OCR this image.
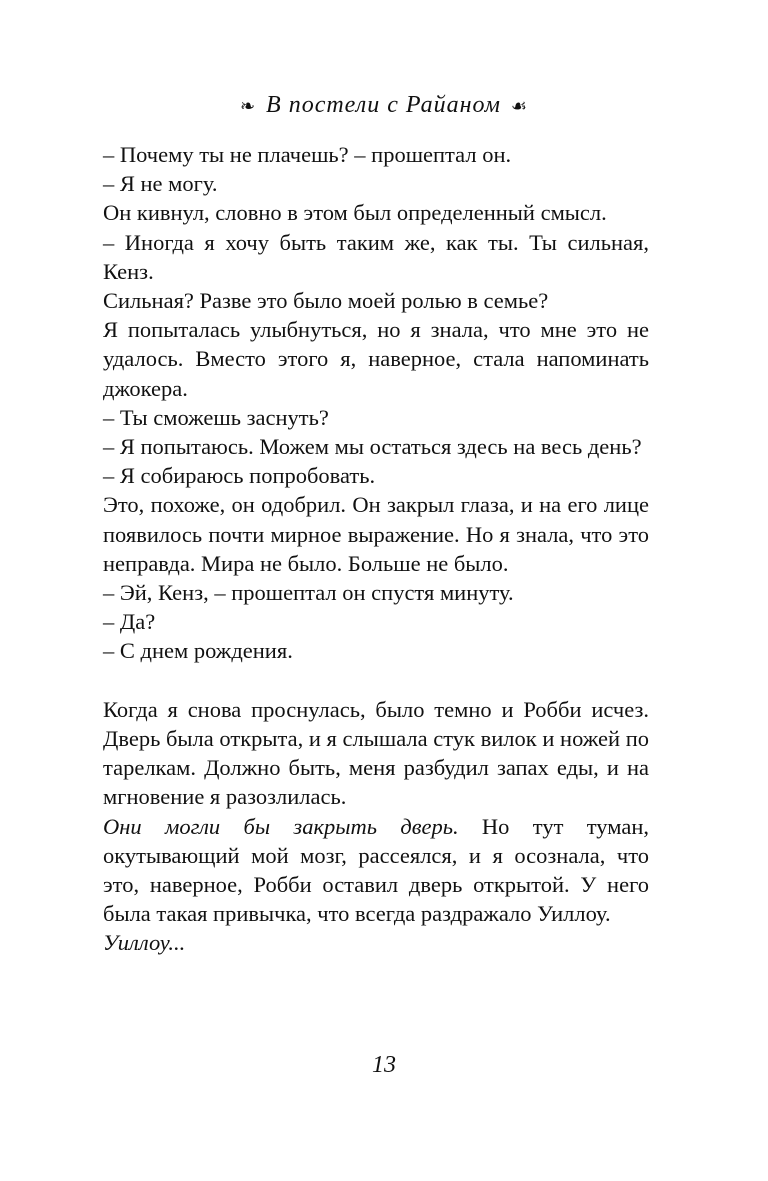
❧ В постели с Райаном ☙

– Почему ты не плачешь? – прошептал он.

– Я не могу.

Он кивнул, словно в этом был определенный смысл.

– Иногда я хочу быть таким же, как ты. Ты сильная, Кенз.

Сильная? Разве это было моей ролью в семье?

Я попыталась улыбнуться, но я знала, что мне это не удалось. Вместо этого я, наверное, стала напоминать джокера.

– Ты сможешь заснуть?

– Я попытаюсь. Можем мы остаться здесь на весь день?

– Я собираюсь попробовать.

Это, похоже, он одобрил. Он закрыл глаза, и на его лице появилось почти мирное выражение. Но я знала, что это неправда. Мира не было. Больше не было.

– Эй, Кенз, – прошептал он спустя минуту.

– Да?

– С днем рождения.

Когда я снова проснулась, было темно и Робби исчез. Дверь была открыта, и я слышала стук вилок и ножей по тарелкам. Должно быть, меня разбудил запах еды, и на мгновение я разозлилась.

Они могли бы закрыть дверь. Но тут туман, окутывающий мой мозг, рассеялся, и я осознала, что это, наверное, Робби оставил дверь открытой. У него была такая привычка, что всегда раздражало Уиллоу.

Уиллоу...

13
